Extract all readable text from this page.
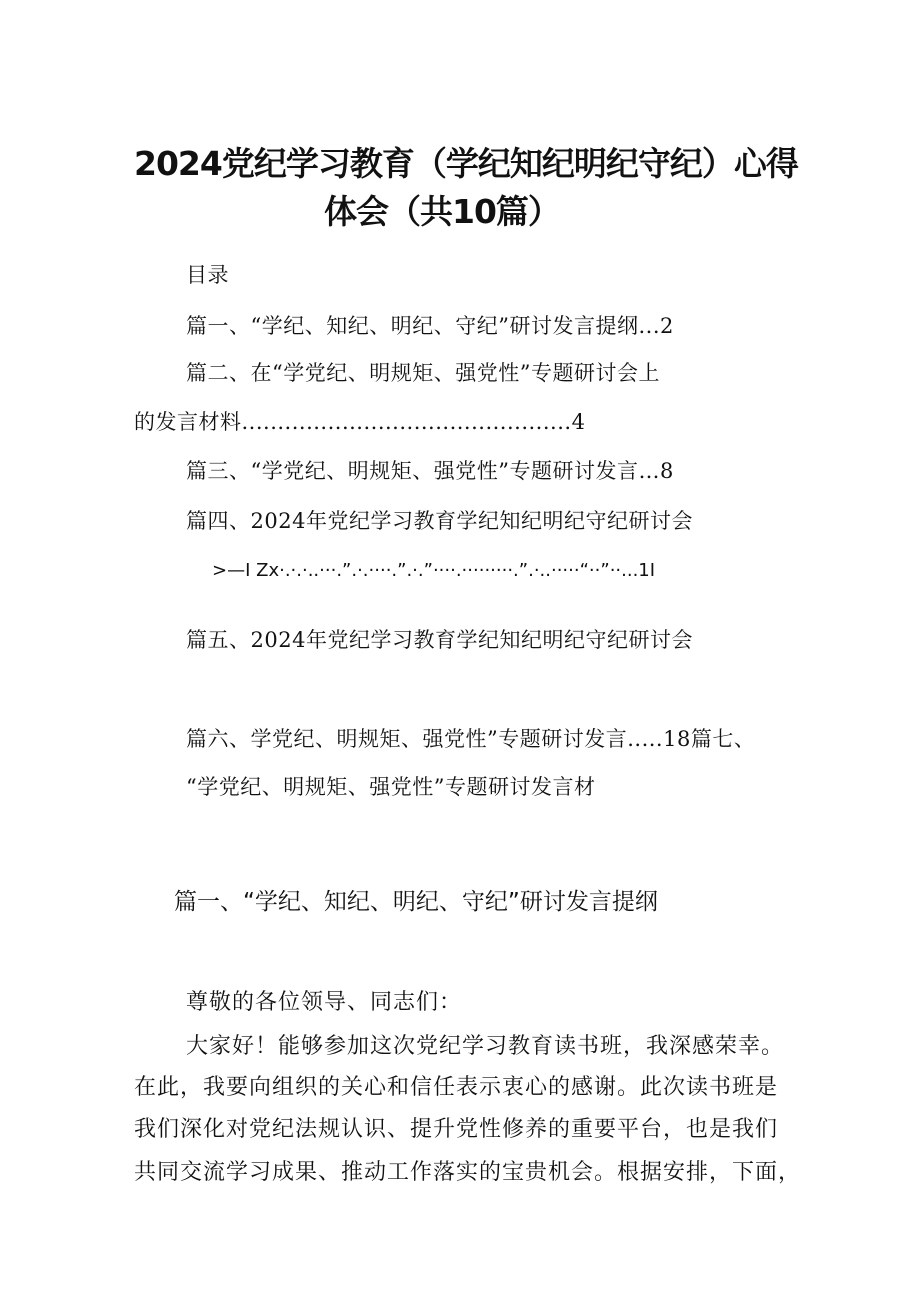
2024党纪学习教育（学纪知纪明纪守纪）心得
体会（共10篇）
目录
篇一、“学纪、知纪、明纪、守纪”研讨发言提纲...2
篇二、在“学党纪、明规矩、强党性”专题研讨会上
的发言材料..............................................4
篇三、“学党纪、明规矩、强党性”专题研讨发言…8
篇四、2024年党纪学习教育学纪知纪明纪守纪研讨会
>—I Zx·.·.·..···.”.·.····.”.·.”····.·········.”.·..·····“··”··...1I
篇五、2024年党纪学习教育学纪知纪明纪守纪研讨会
篇六、学党纪、明规矩、强党性”专题研讨发言.....18篇七、
“学党纪、明规矩、强党性”专题研讨发言材
篇一、“学纪、知纪、明纪、守纪”研讨发言提纲
尊敬的各位领导、同志们：
大家好！能够参加这次党纪学习教育读书班，我深感荣幸。
在此，我要向组织的关心和信任表示衷心的感谢。此次读书班是
我们深化对党纪法规认识、提升党性修养的重要平台，也是我们
共同交流学习成果、推动工作落实的宝贵机会。根据安排，下面，
